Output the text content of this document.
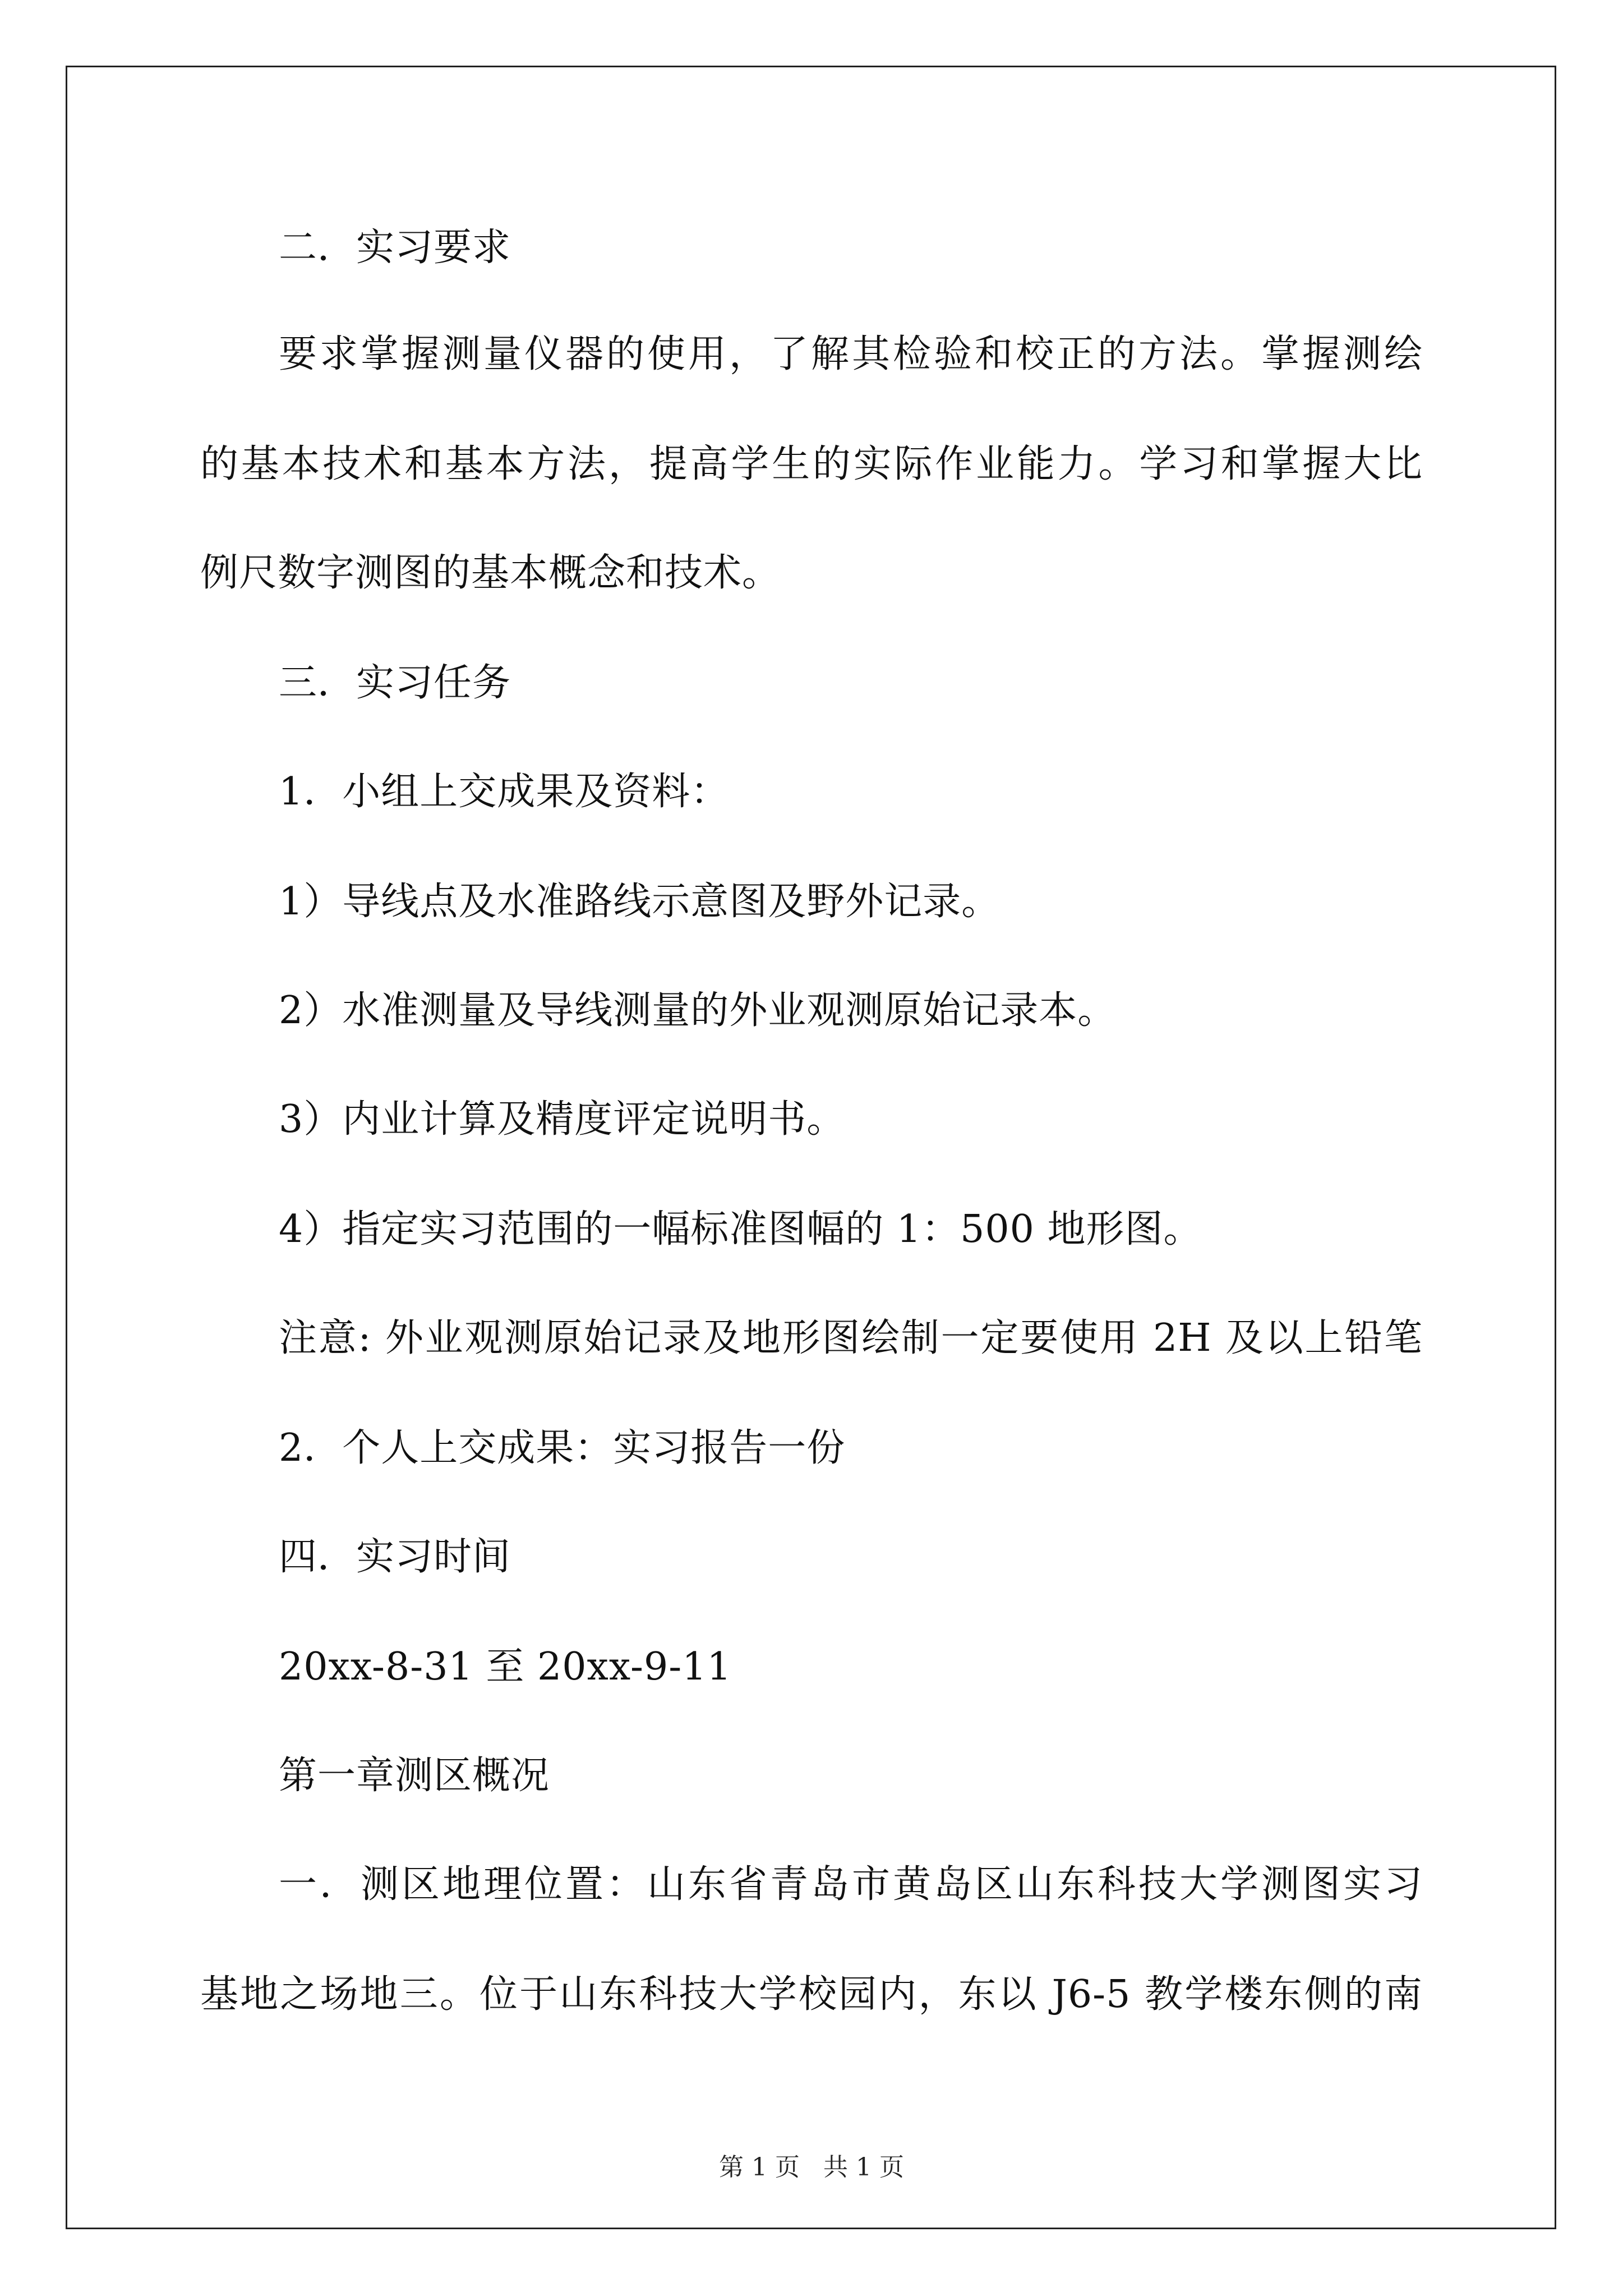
二．实习要求
要求掌握测量仪器的使用，了解其检验和校正的方法。掌握测绘
的基本技术和基本方法，提高学生的实际作业能力。学习和掌握大比
例尺数字测图的基本概念和技术。
三．实习任务
1．小组上交成果及资料：
1）导线点及水准路线示意图及野外记录。
2）水准测量及导线测量的外业观测原始记录本。
3）内业计算及精度评定说明书。
4）指定实习范围的一幅标准图幅的 1：500 地形图。
注意: 外业观测原始记录及地形图绘制一定要使用 2H 及以上铅笔
2．个人上交成果：实习报告一份
四．实习时间
20xx-8-31 至 20xx-9-11
第一章测区概况
一．测区地理位置：山东省青岛市黄岛区山东科技大学测图实习
基地之场地三。位于山东科技大学校园内，东以 J6-5 教学楼东侧的南
第 1 页   共 1 页
